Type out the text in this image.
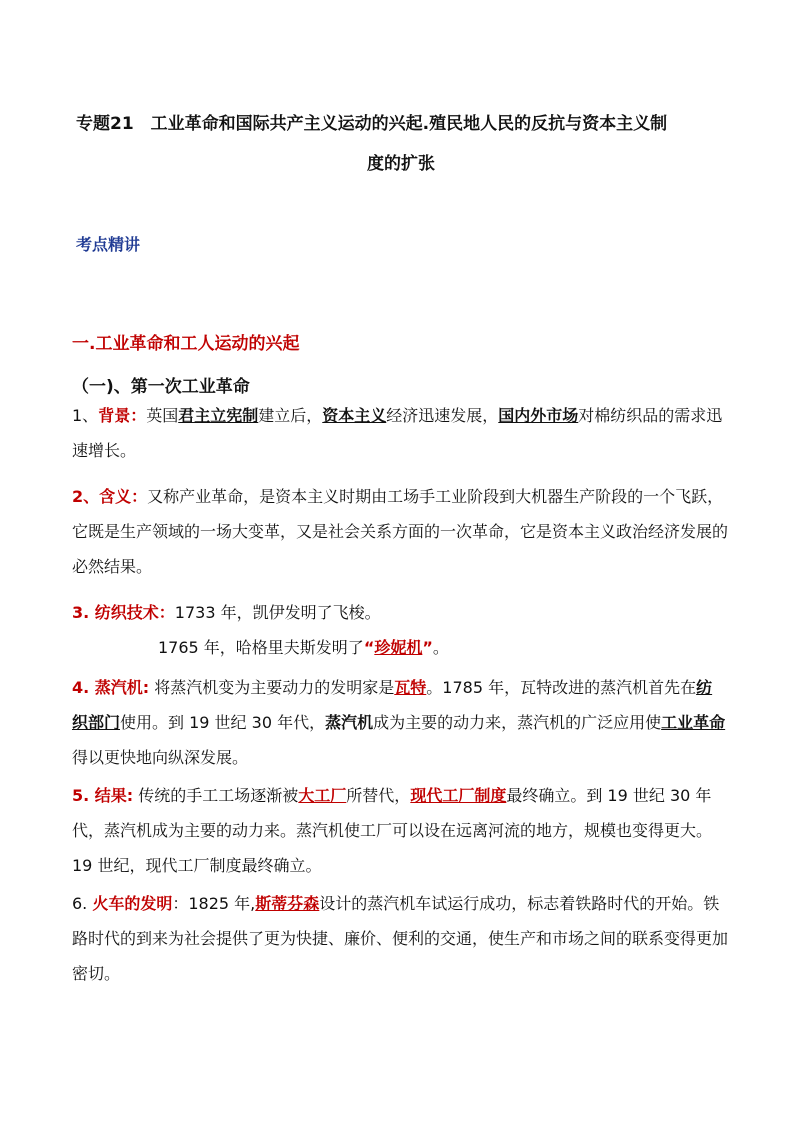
专题21　工业革命和国际共产主义运动的兴起.殖民地人民的反抗与资本主义制
度的扩张
考点精讲
一.工业革命和工人运动的兴起
（一)、第一次工业革命
1、背景：英国君主立宪制建立后，资本主义经济迅速发展，国内外市场对棉纺织品的需求迅速增长。
2、含义：又称产业革命，是资本主义时期由工场手工业阶段到大机器生产阶段的一个飞跃，它既是生产领域的一场大变革，又是社会关系方面的一次革命，它是资本主义政治经济发展的必然结果。
3. 纺织技术：1733 年，凯伊发明了飞梭。
1765 年，哈格里夫斯发明了“珍妮机”。
4. 蒸汽机: 将蒸汽机变为主要动力的发明家是瓦特。1785 年，瓦特改进的蒸汽机首先在纺织部门使用。到 19 世纪 30 年代，蒸汽机成为主要的动力来，蒸汽机的广泛应用使工业革命得以更快地向纵深发展。
5. 结果: 传统的手工工场逐渐被大工厂所替代，现代工厂制度最终确立。到 19 世纪 30 年代，蒸汽机成为主要的动力来。蒸汽机使工厂可以设在远离河流的地方，规模也变得更大。19 世纪，现代工厂制度最终确立。
6. 火车的发明：1825 年,斯蒂芬森设计的蒸汽机车试运行成功，标志着铁路时代的开始。铁路时代的到来为社会提供了更为快捷、廉价、便利的交通，使生产和市场之间的联系变得更加密切。
